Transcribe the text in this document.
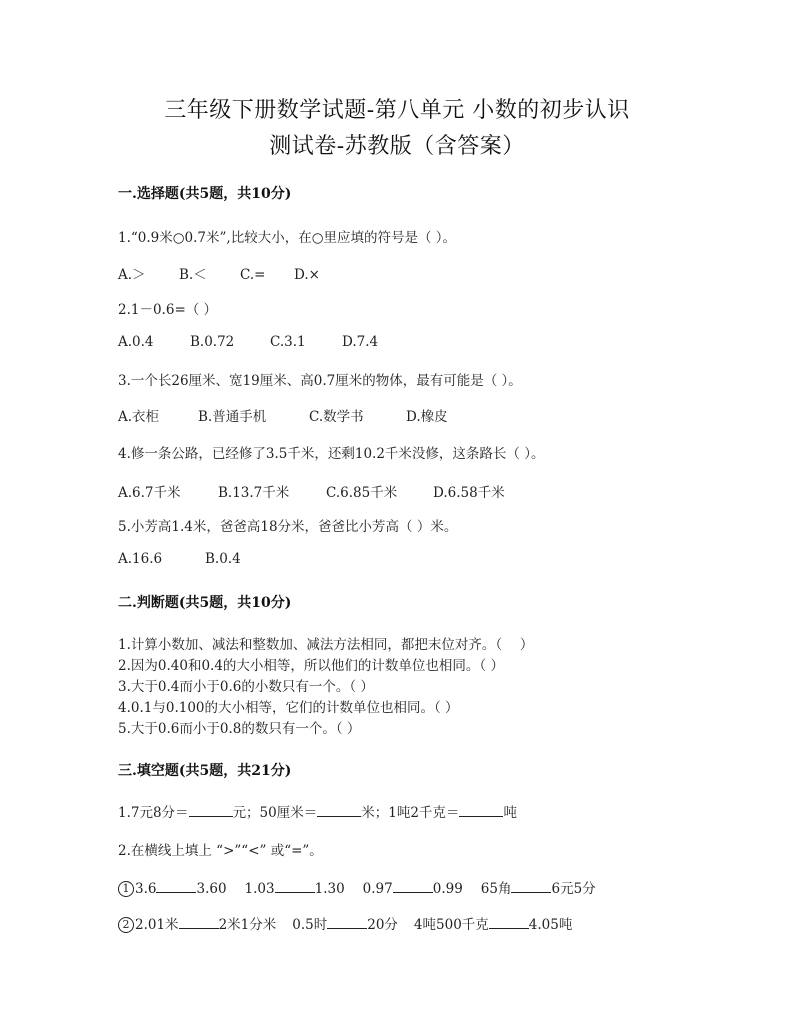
三年级下册数学试题-第八单元 小数的初步认识
测试卷-苏教版（含答案）
一.选择题(共5题，共10分)
1.“0.9米○0.7米”,比较大小，在○里应填的符号是（ ）。
A.＞ B.＜ C.= D.×
2.1－0.6=（ ）
A.0.4	B.0.72	C.3.1	D.7.4
3.一个长26厘米、宽19厘米、高0.7厘米的物体，最有可能是（ ）。
A.衣柜	B.普通手机	C.数学书	D.橡皮
4.修一条公路，已经修了3.5千米，还剩10.2千米没修，这条路长（ ）。
A.6.7千米	B.13.7千米	C.6.85千米	D.6.58千米
5.小芳高1.4米，爸爸高18分米，爸爸比小芳高（ ）米。
A.16.6	B.0.4
二.判断题(共5题，共10分)
1.计算小数加、减法和整数加、减法方法相同，都把末位对齐。（　 ）
2.因为0.40和0.4的大小相等，所以他们的计数单位也相同。（ ）
3.大于0.4而小于0.6的小数只有一个。（ ）
4.0.1与0.100的大小相等，它们的计数单位也相同。（ ）
5.大于0.6而小于0.8的数只有一个。（ ）
三.填空题(共5题，共21分)
1.7元8分＝	元；50厘米＝	米；1吨2千克＝	吨
2.在横线上填上 “>”“<” 或“=”。
1 3.6	3.60 1.03	1.30 0.97	0.99 65角	6元5分
2 2.01米	2米1分米 0.5时	20分 4吨500千克	4.05吨
